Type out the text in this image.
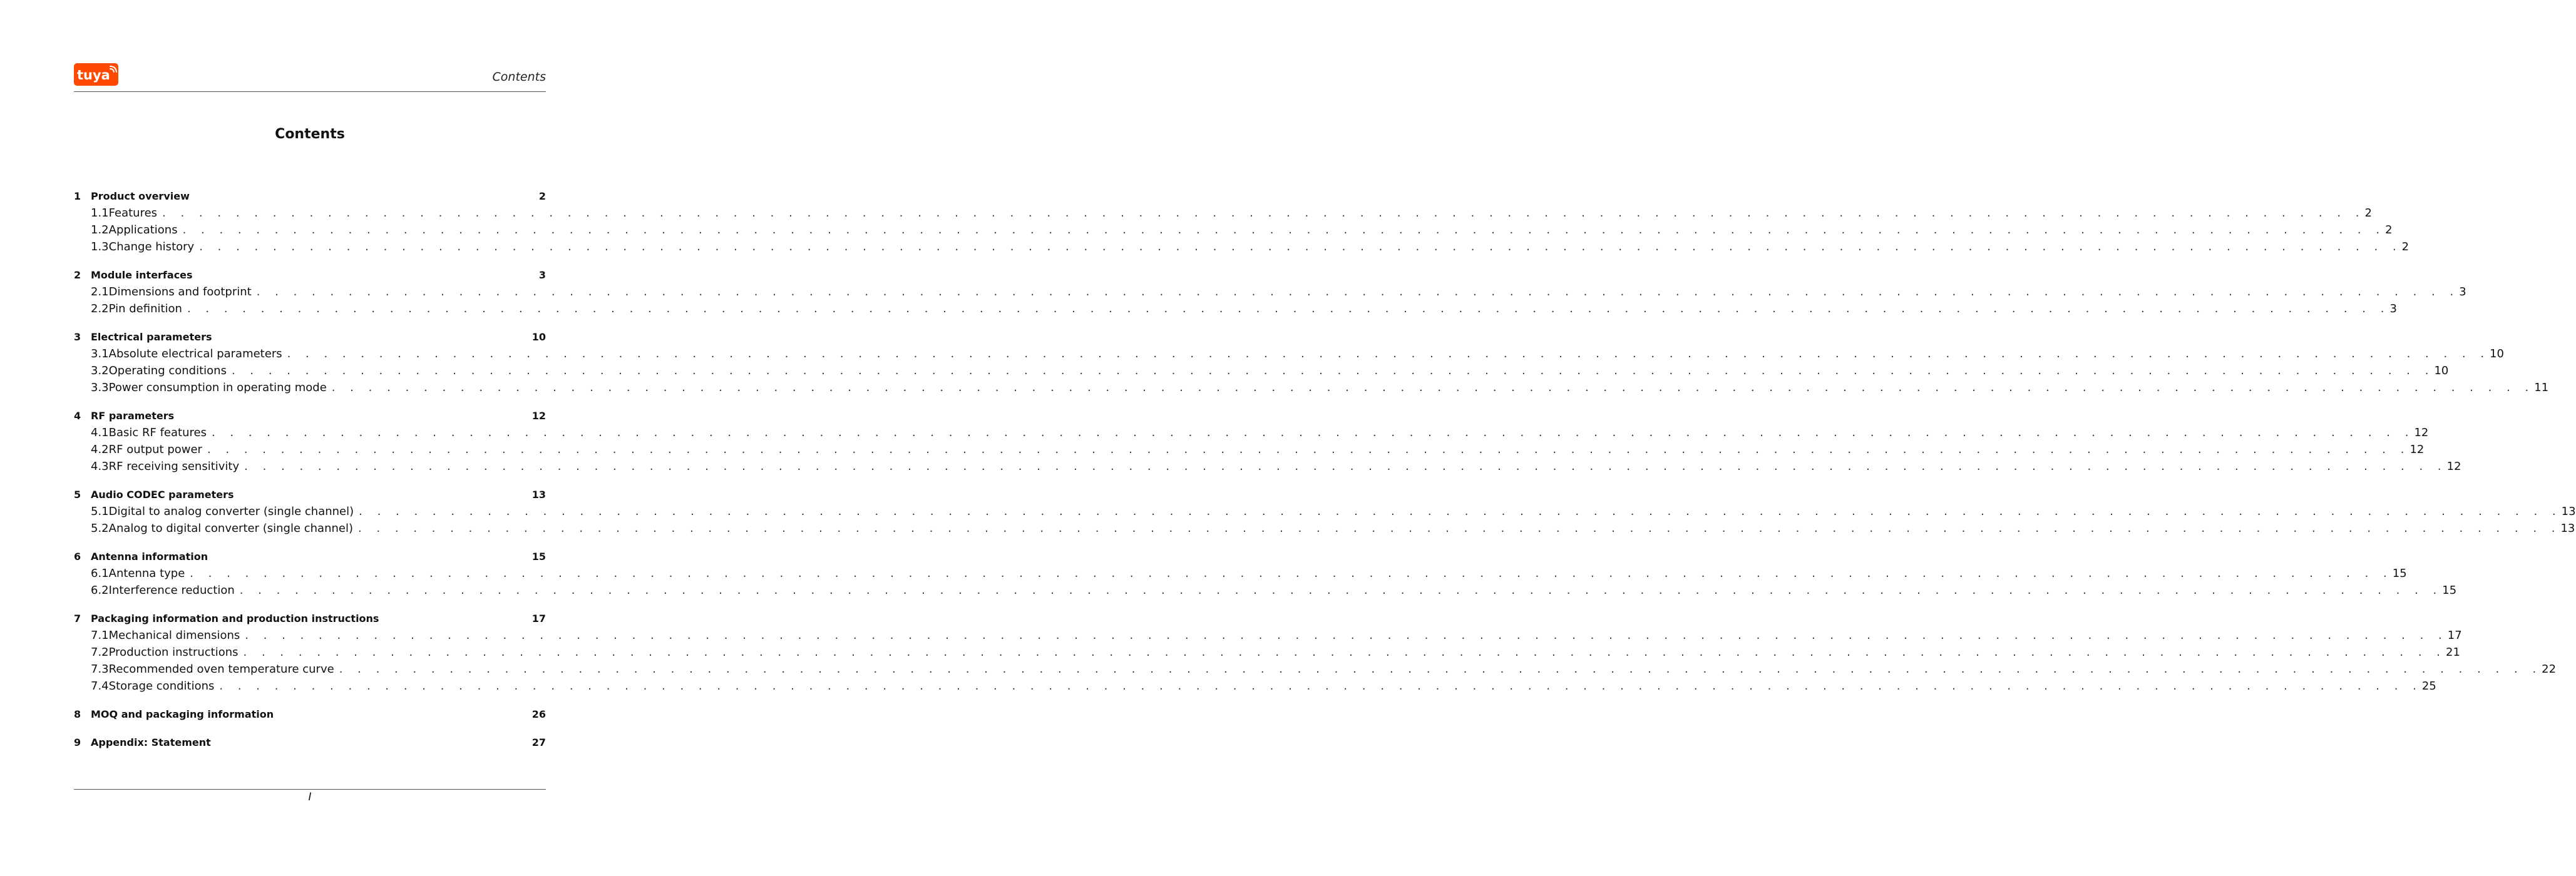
tuya	Contents
Contents
1 Product overview	2
1.1 Features . . . . . . . . . . . . . . . . . . . . . . . . . . . . . . . . . . . . . . . . . . . . . . . . . . . . . . . . . . . . . . . . . . . . . . . . . . . . . . . . . . . . . . . . . . . . . . . . . . . . . . . . . . . . . . . . . . . . . . . . 2
1.2 Applications . . . . . . . . . . . . . . . . . . . . . . . . . . . . . . . . . . . . . . . . . . . . . . . . . . . . . . . . . . . . . . . . . . . . . . . . . . . . . . . . . . . . . . . . . . . . . . . . . . . . . . . . . . . . . . . . . . . . . . . . 2
1.3 Change history . . . . . . . . . . . . . . . . . . . . . . . . . . . . . . . . . . . . . . . . . . . . . . . . . . . . . . . . . . . . . . . . . . . . . . . . . . . . . . . . . . . . . . . . . . . . . . . . . . . . . . . . . . . . . . . . . . . . . . . . 2
2 Module interfaces	3
2.1 Dimensions and footprint . . . . . . . . . . . . . . . . . . . . . . . . . . . . . . . . . . . . . . . . . . . . . . . . . . . . . . . . . . . . . . . . . . . . . . . . . . . . . . . . . . . . . . . . . . . . . . . . . . . . . . . . . . . . . . . . . . . . . . . . 3
2.2 Pin definition . . . . . . . . . . . . . . . . . . . . . . . . . . . . . . . . . . . . . . . . . . . . . . . . . . . . . . . . . . . . . . . . . . . . . . . . . . . . . . . . . . . . . . . . . . . . . . . . . . . . . . . . . . . . . . . . . . . . . . . . 3
3 Electrical parameters	10
3.1 Absolute electrical parameters . . . . . . . . . . . . . . . . . . . . . . . . . . . . . . . . . . . . . . . . . . . . . . . . . . . . . . . . . . . . . . . . . . . . . . . . . . . . . . . . . . . . . . . . . . . . . . . . . . . . . . . . . . . . . . . . . . . . . . . . 10
3.2 Operating conditions . . . . . . . . . . . . . . . . . . . . . . . . . . . . . . . . . . . . . . . . . . . . . . . . . . . . . . . . . . . . . . . . . . . . . . . . . . . . . . . . . . . . . . . . . . . . . . . . . . . . . . . . . . . . . . . . . . . . . . . . 10
3.3 Power consumption in operating mode . . . . . . . . . . . . . . . . . . . . . . . . . . . . . . . . . . . . . . . . . . . . . . . . . . . . . . . . . . . . . . . . . . . . . . . . . . . . . . . . . . . . . . . . . . . . . . . . . . . . . . . . . . . . . . . . . . . . . . . . 11
4 RF parameters	12
4.1 Basic RF features . . . . . . . . . . . . . . . . . . . . . . . . . . . . . . . . . . . . . . . . . . . . . . . . . . . . . . . . . . . . . . . . . . . . . . . . . . . . . . . . . . . . . . . . . . . . . . . . . . . . . . . . . . . . . . . . . . . . . . . . 12
4.2 RF output power . . . . . . . . . . . . . . . . . . . . . . . . . . . . . . . . . . . . . . . . . . . . . . . . . . . . . . . . . . . . . . . . . . . . . . . . . . . . . . . . . . . . . . . . . . . . . . . . . . . . . . . . . . . . . . . . . . . . . . . . 12
4.3 RF receiving sensitivity . . . . . . . . . . . . . . . . . . . . . . . . . . . . . . . . . . . . . . . . . . . . . . . . . . . . . . . . . . . . . . . . . . . . . . . . . . . . . . . . . . . . . . . . . . . . . . . . . . . . . . . . . . . . . . . . . . . . . . . . 12
5 Audio CODEC parameters	13
5.1 Digital to analog converter (single channel) . . . . . . . . . . . . . . . . . . . . . . . . . . . . . . . . . . . . . . . . . . . . . . . . . . . . . . . . . . . . . . . . . . . . . . . . . . . . . . . . . . . . . . . . . . . . . . . . . . . . . . . . . . . . . . . . . . . . . . . . 13
5.2 Analog to digital converter (single channel) . . . . . . . . . . . . . . . . . . . . . . . . . . . . . . . . . . . . . . . . . . . . . . . . . . . . . . . . . . . . . . . . . . . . . . . . . . . . . . . . . . . . . . . . . . . . . . . . . . . . . . . . . . . . . . . . . . . . . . . . 13
6 Antenna information	15
6.1 Antenna type . . . . . . . . . . . . . . . . . . . . . . . . . . . . . . . . . . . . . . . . . . . . . . . . . . . . . . . . . . . . . . . . . . . . . . . . . . . . . . . . . . . . . . . . . . . . . . . . . . . . . . . . . . . . . . . . . . . . . . . . 15
6.2 Interference reduction . . . . . . . . . . . . . . . . . . . . . . . . . . . . . . . . . . . . . . . . . . . . . . . . . . . . . . . . . . . . . . . . . . . . . . . . . . . . . . . . . . . . . . . . . . . . . . . . . . . . . . . . . . . . . . . . . . . . . . . . 15
7 Packaging information and production instructions	17
7.1 Mechanical dimensions . . . . . . . . . . . . . . . . . . . . . . . . . . . . . . . . . . . . . . . . . . . . . . . . . . . . . . . . . . . . . . . . . . . . . . . . . . . . . . . . . . . . . . . . . . . . . . . . . . . . . . . . . . . . . . . . . . . . . . . . 17
7.2 Production instructions . . . . . . . . . . . . . . . . . . . . . . . . . . . . . . . . . . . . . . . . . . . . . . . . . . . . . . . . . . . . . . . . . . . . . . . . . . . . . . . . . . . . . . . . . . . . . . . . . . . . . . . . . . . . . . . . . . . . . . . . 21
7.3 Recommended oven temperature curve . . . . . . . . . . . . . . . . . . . . . . . . . . . . . . . . . . . . . . . . . . . . . . . . . . . . . . . . . . . . . . . . . . . . . . . . . . . . . . . . . . . . . . . . . . . . . . . . . . . . . . . . . . . . . . . . . . . . . . . . 22
7.4 Storage conditions . . . . . . . . . . . . . . . . . . . . . . . . . . . . . . . . . . . . . . . . . . . . . . . . . . . . . . . . . . . . . . . . . . . . . . . . . . . . . . . . . . . . . . . . . . . . . . . . . . . . . . . . . . . . . . . . . . . . . . . . 25
8 MOQ and packaging information	26
9 Appendix: Statement	27
I
